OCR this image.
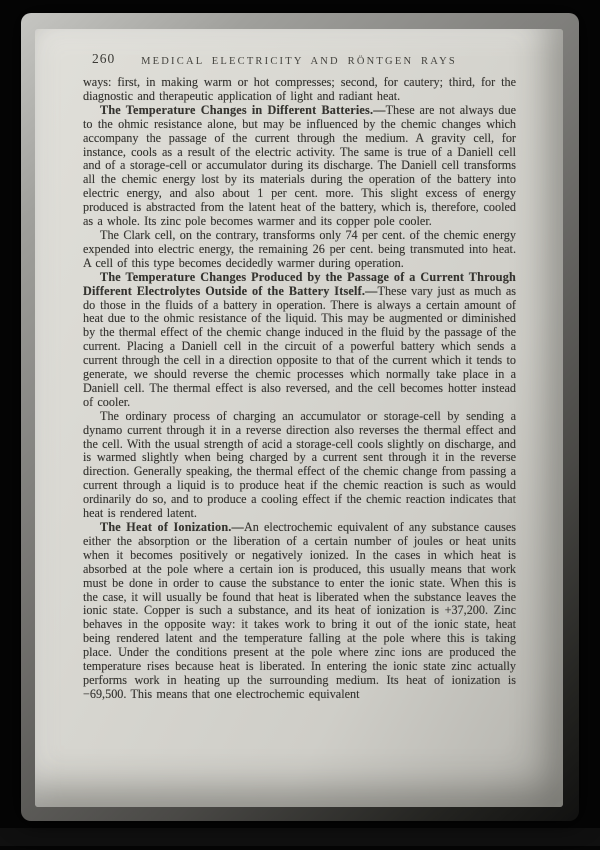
260 MEDICAL ELECTRICITY AND RÖNTGEN RAYS

ways: first, in making warm or hot compresses; second, for cautery; third, for the diagnostic and therapeutic application of light and radiant heat.

The Temperature Changes in Different Batteries.—These are not always due to the ohmic resistance alone, but may be influenced by the chemic changes which accompany the passage of the current through the medium. A gravity cell, for instance, cools as a result of the electric activity. The same is true of a Daniell cell and of a storage-cell or accumulator during its discharge. The Daniell cell transforms all the chemic energy lost by its materials during the operation of the battery into electric energy, and also about 1 per cent. more. This slight excess of energy produced is abstracted from the latent heat of the battery, which is, therefore, cooled as a whole. Its zinc pole becomes warmer and its copper pole cooler.

The Clark cell, on the contrary, transforms only 74 per cent. of the chemic energy expended into electric energy, the remaining 26 per cent. being transmuted into heat. A cell of this type becomes decidedly warmer during operation.

The Temperature Changes Produced by the Passage of a Current Through Different Electrolytes Outside of the Battery Itself.—These vary just as much as do those in the fluids of a battery in operation. There is always a certain amount of heat due to the ohmic resistance of the liquid. This may be augmented or diminished by the thermal effect of the chemic change induced in the fluid by the passage of the current. Placing a Daniell cell in the circuit of a powerful battery which sends a current through the cell in a direction opposite to that of the current which it tends to generate, we should reverse the chemic processes which normally take place in a Daniell cell. The thermal effect is also reversed, and the cell becomes hotter instead of cooler.

The ordinary process of charging an accumulator or storage-cell by sending a dynamo current through it in a reverse direction also reverses the thermal effect and the cell. With the usual strength of acid a storage-cell cools slightly on discharge, and is warmed slightly when being charged by a current sent through it in the reverse direction. Generally speaking, the thermal effect of the chemic change from passing a current through a liquid is to produce heat if the chemic reaction is such as would ordinarily do so, and to produce a cooling effect if the chemic reaction indicates that heat is rendered latent.

The Heat of Ionization.—An electrochemic equivalent of any substance causes either the absorption or the liberation of a certain number of joules or heat units when it becomes positively or negatively ionized. In the cases in which heat is absorbed at the pole where a certain ion is produced, this usually means that work must be done in order to cause the substance to enter the ionic state. When this is the case, it will usually be found that heat is liberated when the substance leaves the ionic state. Copper is such a substance, and its heat of ionization is +37,200. Zinc behaves in the opposite way: it takes work to bring it out of the ionic state, heat being rendered latent and the temperature falling at the pole where this is taking place. Under the conditions present at the pole where zinc ions are produced the temperature rises because heat is liberated. In entering the ionic state zinc actually performs work in heating up the surrounding medium. Its heat of ionization is −69,500. This means that one electrochemic equivalent
